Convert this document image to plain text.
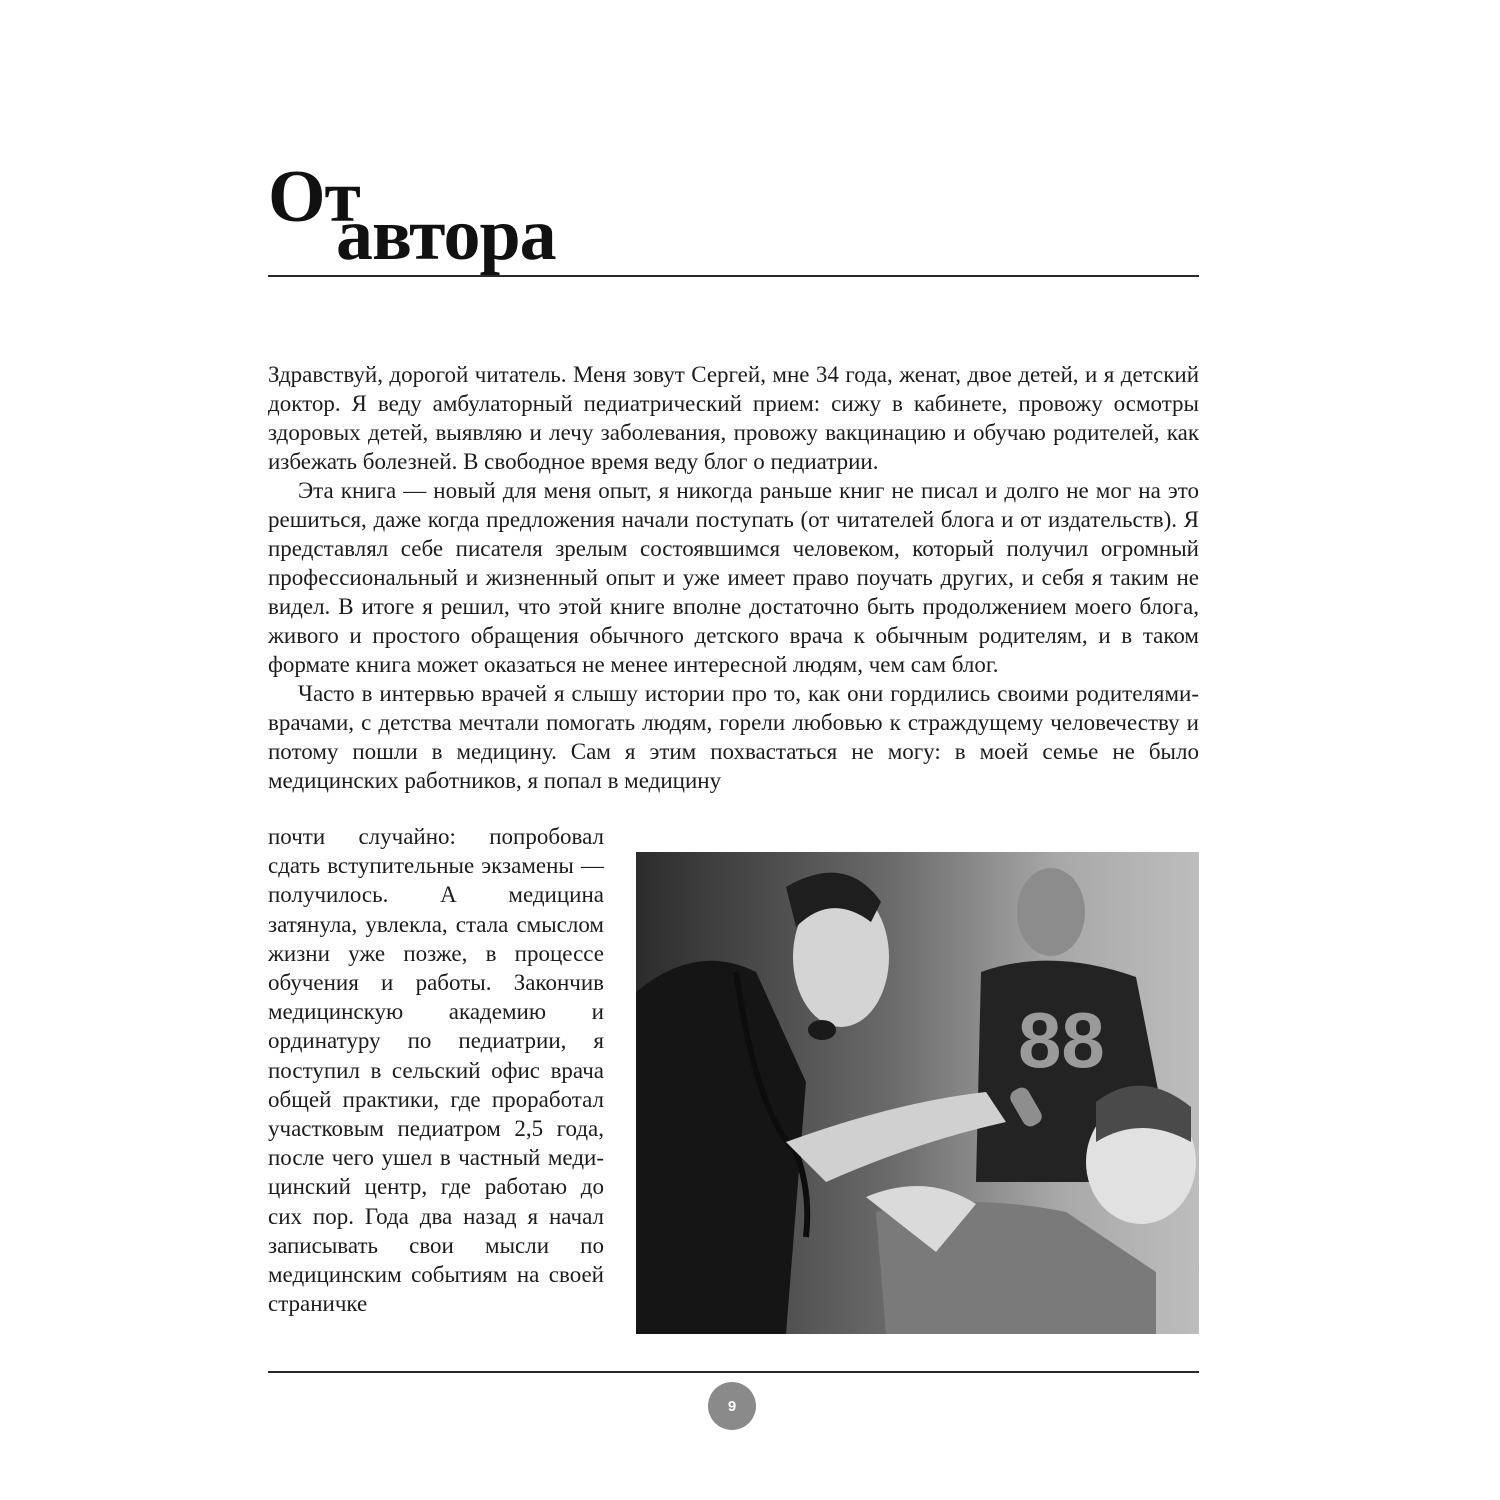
От
автора

Здравствуй, дорогой читатель. Меня зовут Сергей, мне 34 года, женат, двое детей, и я детский доктор. Я веду амбулаторный педиатрический прием: сижу в кабинете, провожу осмотры здоровых детей, выявляю и лечу заболевания, провожу вакцинацию и обучаю родителей, как избежать болезней. В свободное время веду блог о педиатрии.

Эта книга — новый для меня опыт, я никогда раньше книг не писал и долго не мог на это решиться, даже когда предложения начали поступать (от читателей блога и от издательств). Я представлял себе писателя зрелым состоявшимся человеком, который получил огромный профессиональный и жизненный опыт и уже имеет право поучать других, и себя я таким не видел. В итоге я решил, что этой книге вполне достаточно быть продолжением моего блога, живого и простого обращения обычного детского врача к обычным родителям, и в таком формате книга может оказаться не менее интересной людям, чем сам блог.

Часто в интервью врачей я слышу истории про то, как они гордились своими родителями-врачами, с детства мечтали помогать людям, горели любовью к страждущему человечеству и потому пошли в медицину. Сам я этим похвастаться не могу: в моей семье не было медицинских работников, я попал в медицину

почти случайно: попробовал сдать вступительные экзамены — получилось. А медицина затянула, увлекла, стала смыслом жизни уже позже, в процессе обучения и работы. Закончив медицинскую академию и ординатуру по педиатрии, я поступил в сельский офис врача общей практики, где проработал участковым педиатром 2,5 года, после чего ушел в частный медицинский центр, где работаю до сих пор. Года два назад я начал записывать свои мысли по медицинским событиям на своей страничке
88
9
